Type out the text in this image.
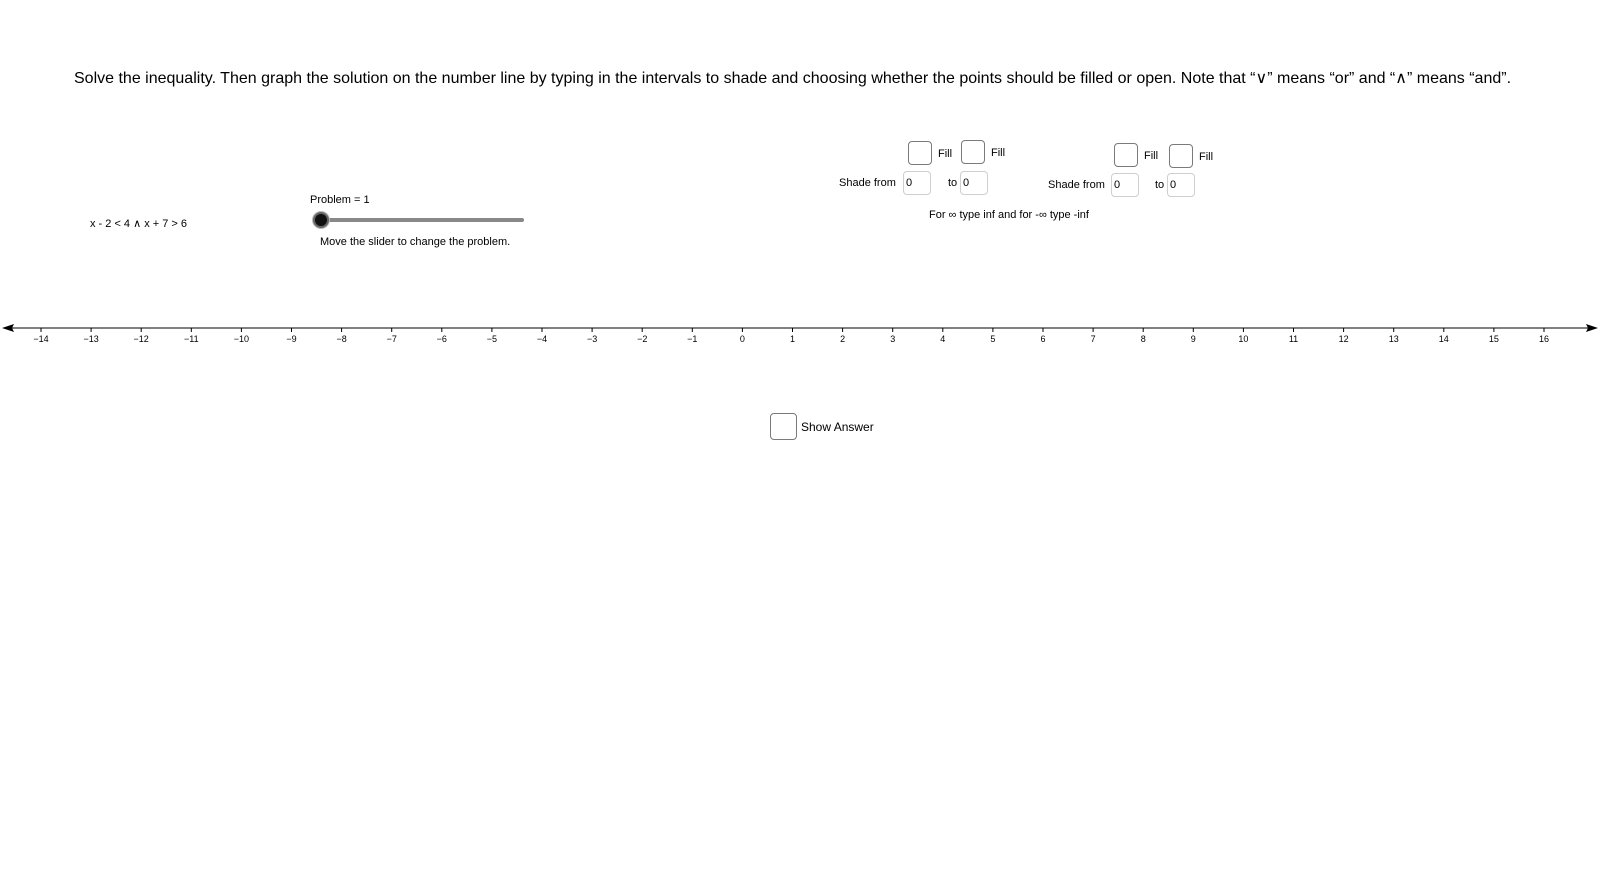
Solve the inequality. Then graph the solution on the number line by typing in the intervals to shade and choosing whether the points should be filled or open. Note that “∨” means “or” and “∧” means “and”.
x - 2 < 4 ∧ x + 7 > 6
Problem = 1
Move the slider to change the problem.
Fill	Fill
Shade from
0	to
0
Fill	Fill
Shade from
0	to
0
For ∞ type inf and for -∞ type -inf
−14	−13	−12	−11	−10	−9	−8	−7	−6	−5	−4	−3	−2	−1	0	1	2	3	4	5	6	7	8	9	10	11	12	13	14	15	16
Show Answer
